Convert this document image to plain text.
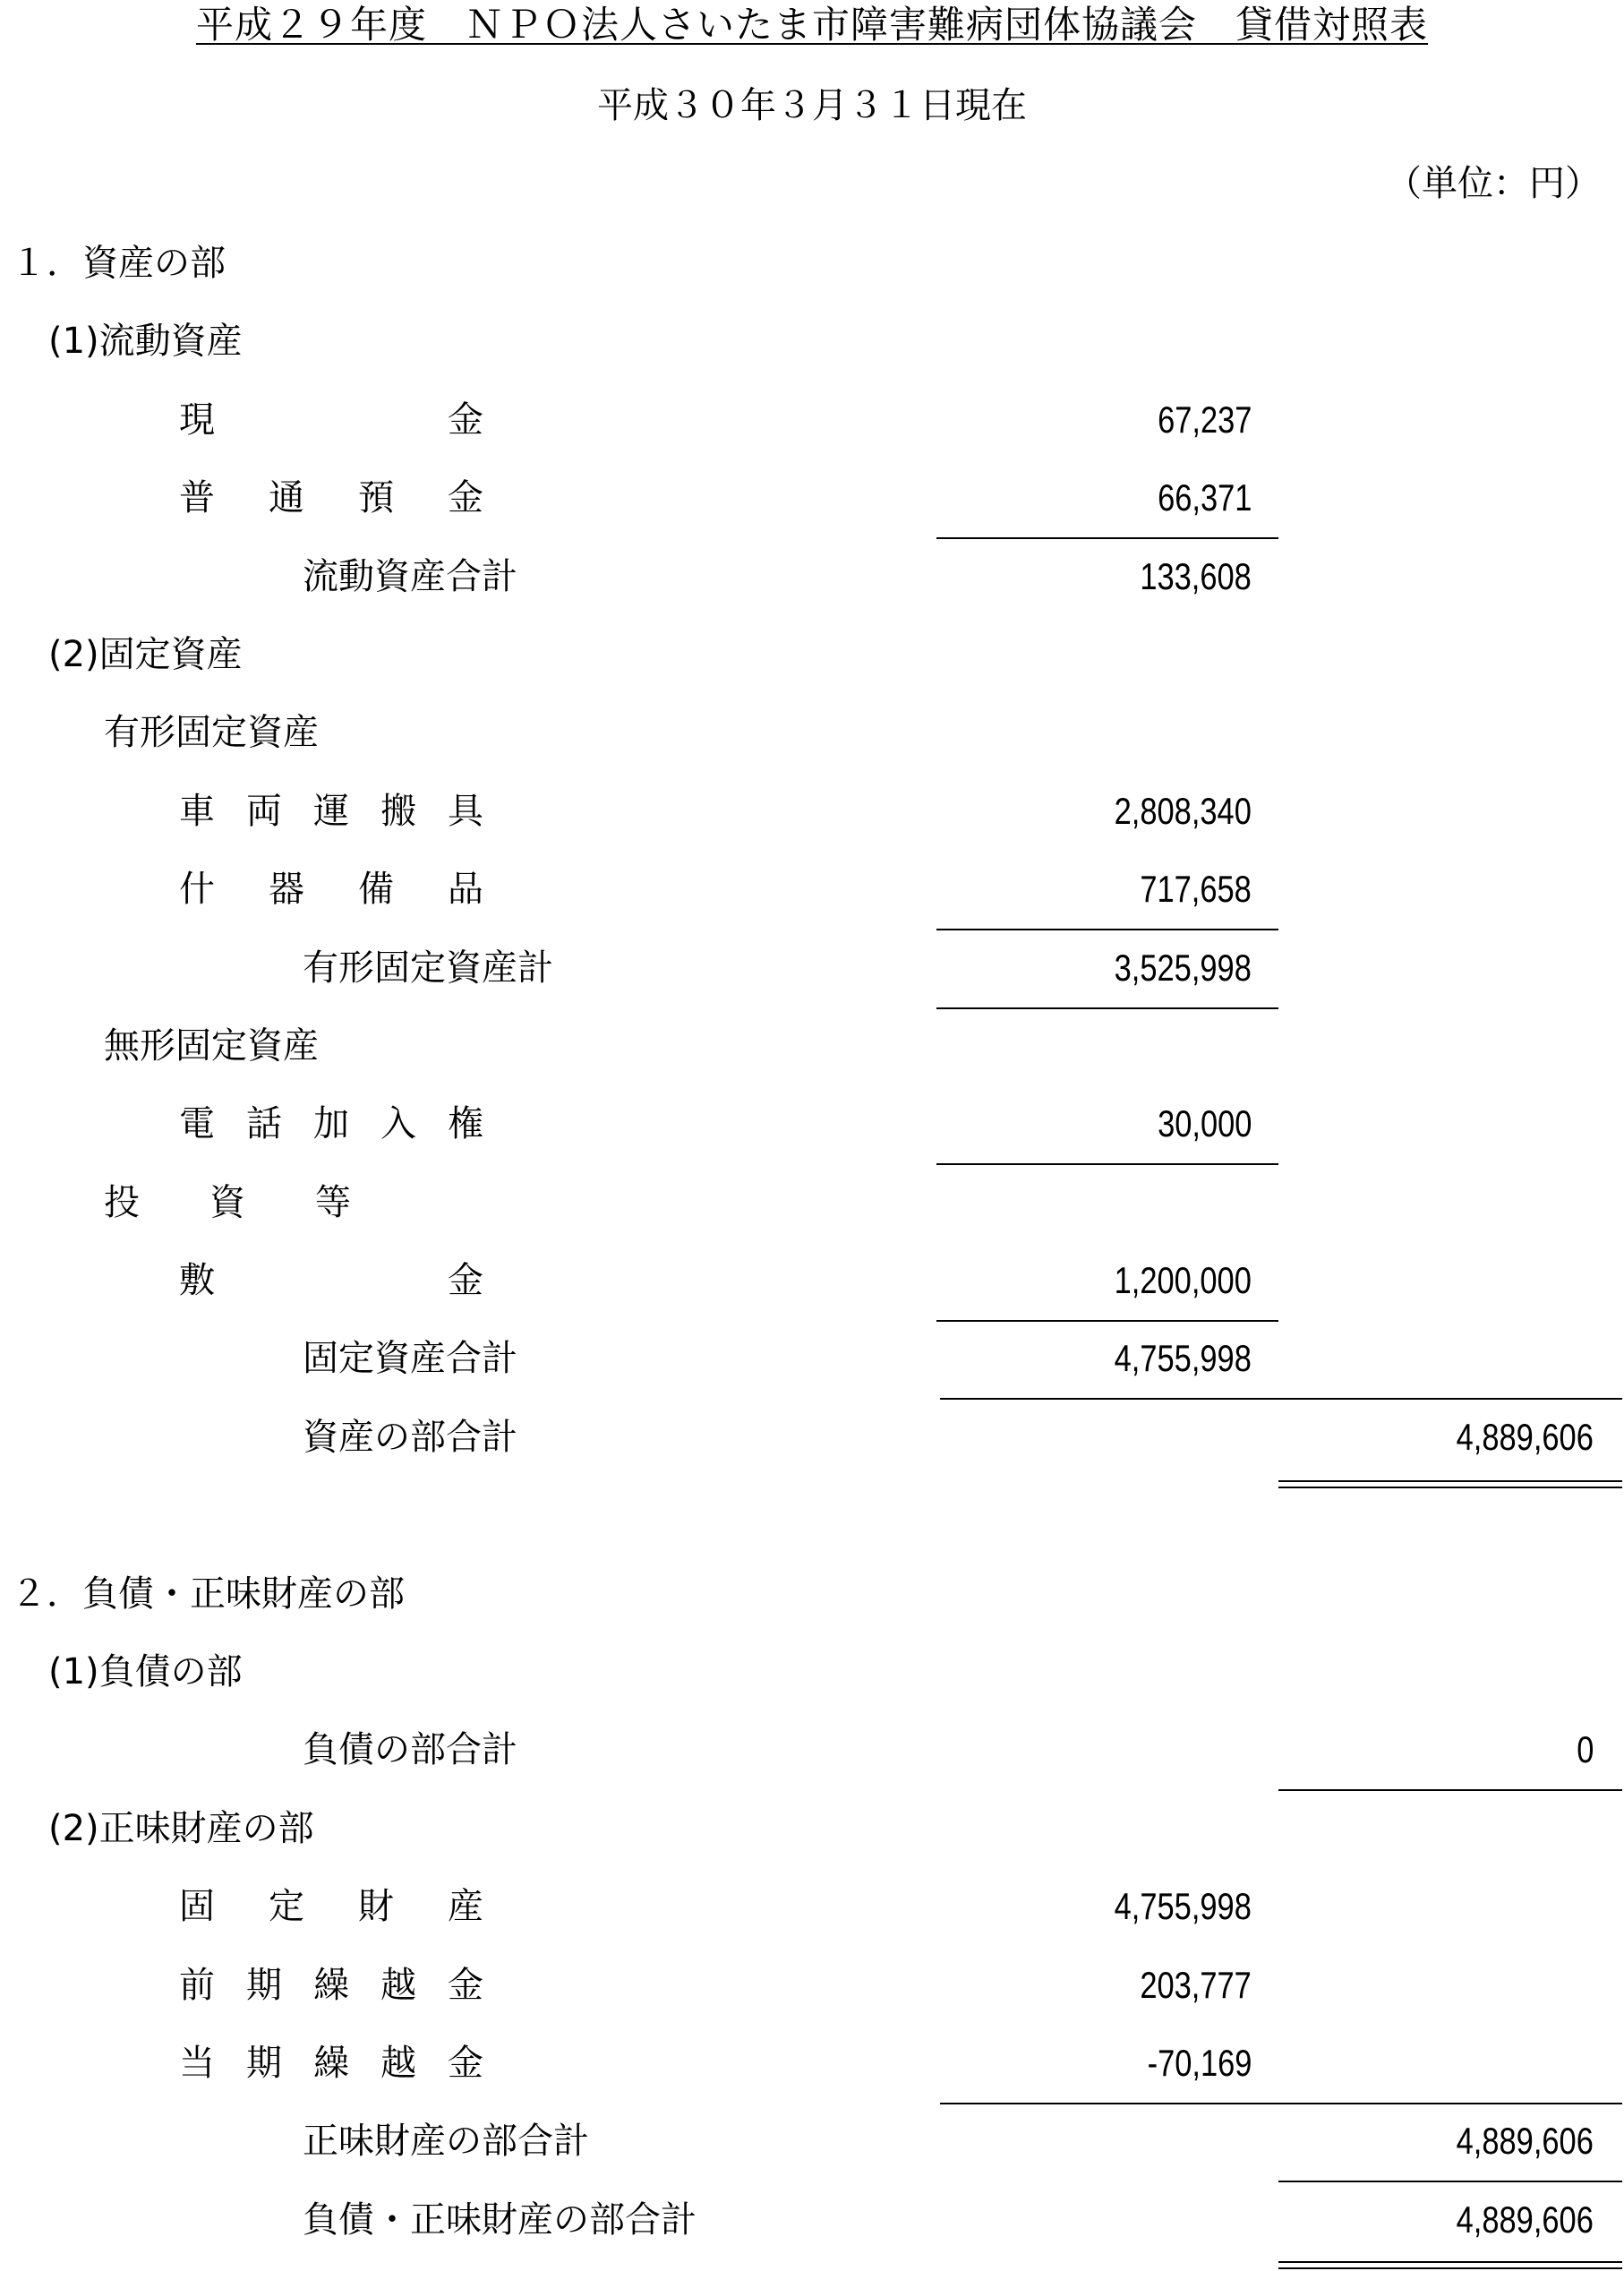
平成２９年度　ＮＰＯ法人さいたま市障害難病団体協議会　貸借対照表
平成３０年３月３１日現在
（単位：円）
１．資産の部
(1)流動資産
現	金	67,237
普 通 預 金	66,371
流動資産合計	133,608
(2)固定資産
有形固定資産
車 両 運 搬 具	2,808,340
什 器 備 品	717,658
有形固定資産計	3,525,998
無形固定資産
電 話 加 入 権	30,000
投 資 等
敷	金	1,200,000
固定資産合計	4,755,998
資産の部合計	4,889,606
２．負債・正味財産の部
(1)負債の部
負債の部合計	0
(2)正味財産の部
固 定 財 産	4,755,998
前 期 繰 越 金	203,777
当 期 繰 越 金	-70,169
正味財産の部合計	4,889,606
負債・正味財産の部合計	4,889,606
